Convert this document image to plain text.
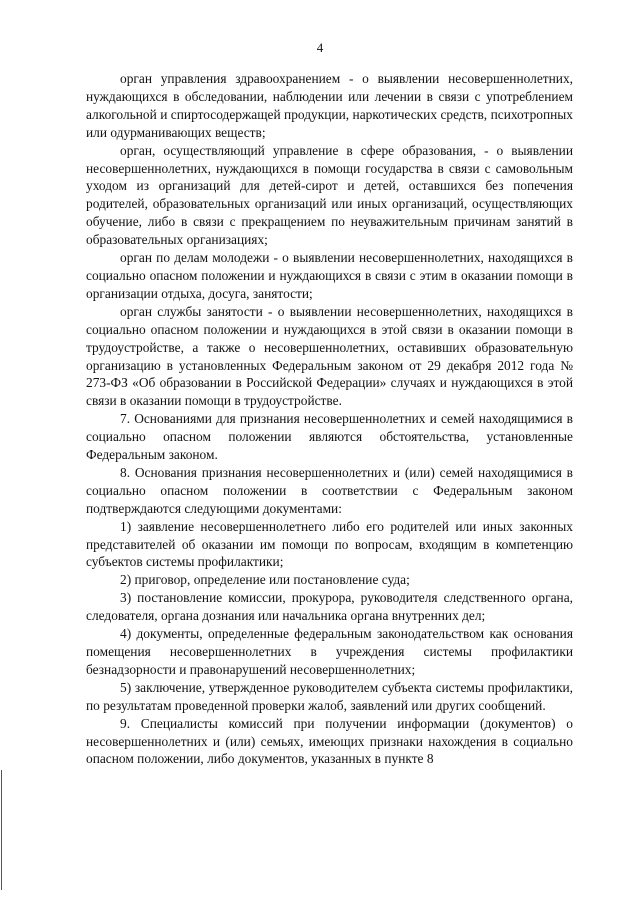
4

орган управления здравоохранением - о выявлении несовершеннолетних, нуждающихся в обследовании, наблюдении или лечении в связи с употреблением алкогольной и спиртосодержащей продукции, наркотических средств, психотропных или одурманивающих веществ;

орган, осуществляющий управление в сфере образования, - о выявлении несовершеннолетних, нуждающихся в помощи государства в связи с самовольным уходом из организаций для детей-сирот и детей, оставшихся без попечения родителей, образовательных организаций или иных организаций, осуществляющих обучение, либо в связи с прекращением по неуважительным причинам занятий в образовательных организациях;

орган по делам молодежи - о выявлении несовершеннолетних, находящихся в социально опасном положении и нуждающихся в связи с этим в оказании помощи в организации отдыха, досуга, занятости;

орган службы занятости - о выявлении несовершеннолетних, находящихся в социально опасном положении и нуждающихся в этой связи в оказании помощи в трудоустройстве, а также о несовершеннолетних, оставивших образовательную организацию в установленных Федеральным законом от 29 декабря 2012 года № 273-ФЗ «Об образовании в Российской Федерации» случаях и нуждающихся в этой связи в оказании помощи в трудоустройстве.

7. Основаниями для признания несовершеннолетних и семей находящимися в социально опасном положении являются обстоятельства, установленные Федеральным законом.

8. Основания признания несовершеннолетних и (или) семей находящимися в социально опасном положении в соответствии с Федеральным законом подтверждаются следующими документами:

1) заявление несовершеннолетнего либо его родителей или иных законных представителей об оказании им помощи по вопросам, входящим в компетенцию субъектов системы профилактики;

2) приговор, определение или постановление суда;

3) постановление комиссии, прокурора, руководителя следственного органа, следователя, органа дознания или начальника органа внутренних дел;

4) документы, определенные федеральным законодательством как основания помещения несовершеннолетних в учреждения системы профилактики безнадзорности и правонарушений несовершеннолетних;

5) заключение, утвержденное руководителем субъекта системы профилактики, по результатам проведенной проверки жалоб, заявлений или других сообщений.

9. Специалисты комиссий при получении информации (документов) о несовершеннолетних и (или) семьях, имеющих признаки нахождения в социально опасном положении, либо документов, указанных в пункте 8
